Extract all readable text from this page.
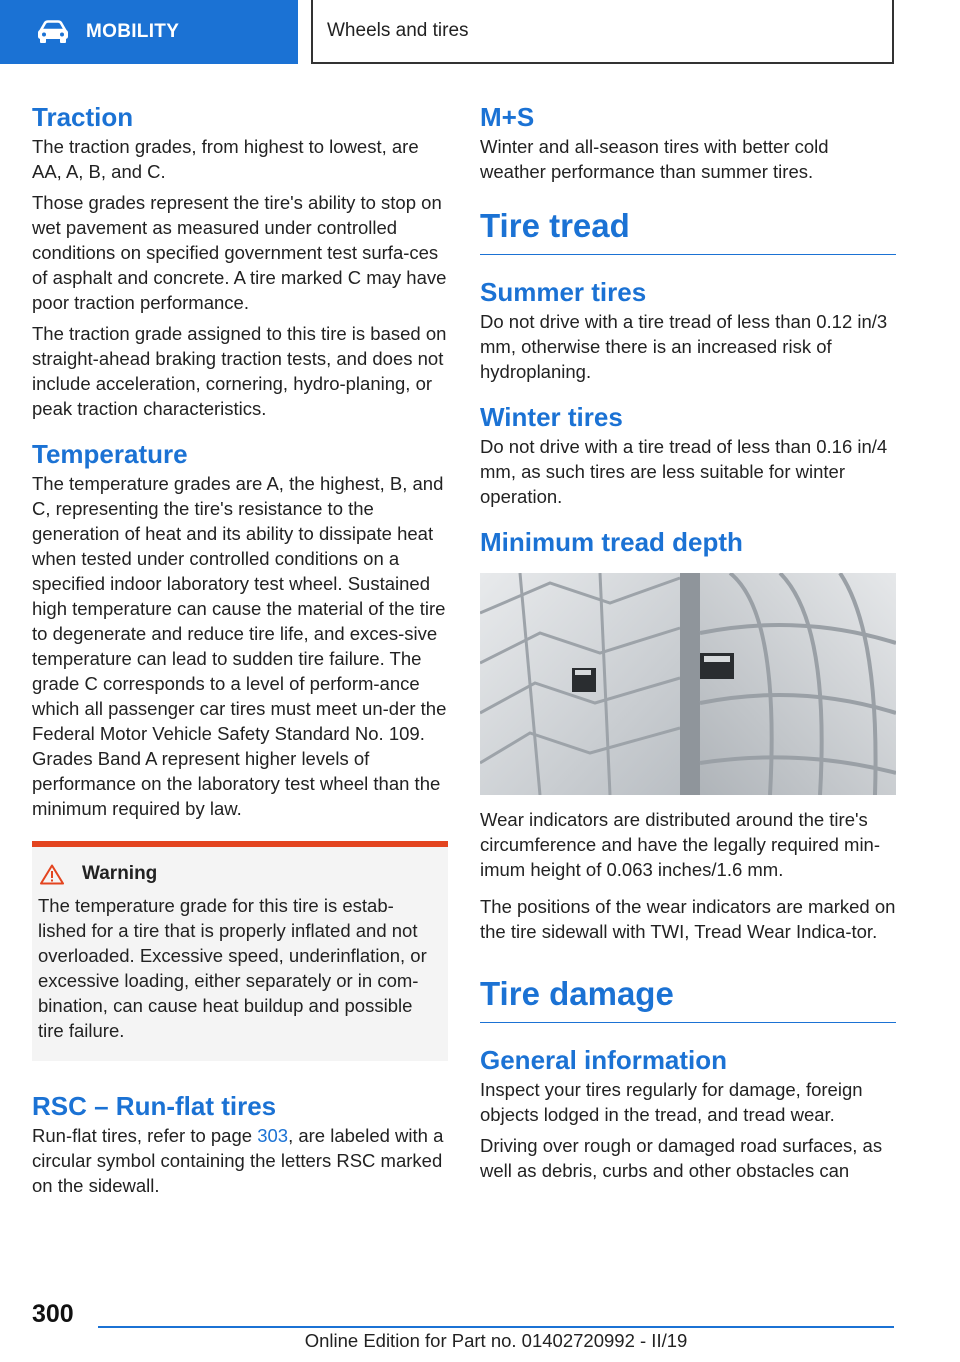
MOBILITY	Wheels and tires
Traction

The traction grades, from highest to lowest, are AA, A, B, and C.

Those grades represent the tire's ability to stop on wet pavement as measured under controlled conditions on specified government test surfa‐ces of asphalt and concrete. A tire marked C may have poor traction performance.

The traction grade assigned to this tire is based on straight-ahead braking traction tests, and does not include acceleration, cornering, hydro‐planing, or peak traction characteristics.

Temperature

The temperature grades are A, the highest, B, and C, representing the tire's resistance to the generation of heat and its ability to dissipate heat when tested under controlled conditions on a specified indoor laboratory test wheel. Sustained high temperature can cause the material of the tire to degenerate and reduce tire life, and exces‐sive temperature can lead to sudden tire failure. The grade C corresponds to a level of perform‐ance which all passenger car tires must meet un‐der the Federal Motor Vehicle Safety Standard No. 109. Grades Band A represent higher levels of performance on the laboratory test wheel than the minimum required by law.

Warning

The temperature grade for this tire is estab‐lished for a tire that is properly inflated and not overloaded. Excessive speed, underinflation, or excessive loading, either separately or in com‐bination, can cause heat buildup and possible tire failure.

RSC – Run-flat tires

Run-flat tires, refer to page 303, are labeled with a circular symbol containing the letters RSC marked on the sidewall.

M+S

Winter and all-season tires with better cold weather performance than summer tires.

Tire tread
Summer tires

Do not drive with a tire tread of less than 0.12 in/3 mm, otherwise there is an increased risk of hydroplaning.

Winter tires

Do not drive with a tire tread of less than 0.16 in/4 mm, as such tires are less suitable for winter operation.

Minimum tread depth

Wear indicators are distributed around the tire's circumference and have the legally required min‐imum height of 0.063 inches/1.6 mm.

The positions of the wear indicators are marked on the tire sidewall with TWI, Tread Wear Indica‐tor.

Tire damage
General information

Inspect your tires regularly for damage, foreign objects lodged in the tread, and tread wear.

Driving over rough or damaged road surfaces, as well as debris, curbs and other obstacles can

300
Online Edition for Part no. 01402720992 - II/19
